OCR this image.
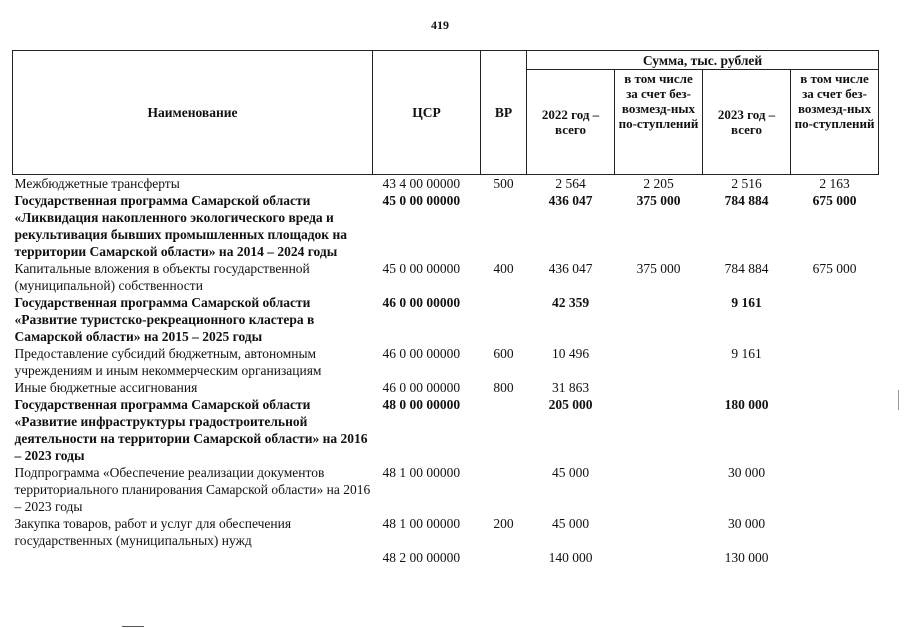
419
Наименование	ЦСР	ВР	Сумма, тыс. рублей			
			2022 год – всего	в том числе за счет без-возмезд-ных по-ступлений	2023 год – всего	в том числе за счет без-возмезд-ных по-ступлений
Межбюджетные трансферты	43 4 00 00000	500	2 564	2 205	2 516	2 163
Государственная программа Самарской области «Ликвидация накопленного экологического вреда и рекультивация бывших промышленных площадок на территории Самарской области» на 2014 – 2024 годы	45 0 00 00000		436 047	375 000	784 884	675 000
Капитальные вложения в объекты государственной (муниципальной) собственности	45 0 00 00000	400	436 047	375 000	784 884	675 000
Государственная программа Самарской области «Развитие туристско-рекреационного кластера в Самарской области» на 2015 – 2025 годы	46 0 00 00000		42 359		9 161	
Предоставление субсидий бюджетным, автономным учреждениям и иным некоммерческим организациям	46 0 00 00000	600	10 496		9 161	
Иные бюджетные ассигнования	46 0 00 00000	800	31 863			
Государственная программа Самарской области «Развитие инфраструктуры градостроительной деятельности на территории Самарской области» на 2016 – 2023 годы	48 0 00 00000		205 000		180 000	
Подпрограмма «Обеспечение реализации документов территориального планирования Самарской области» на 2016 – 2023 годы	48 1 00 00000		45 000		30 000	
Закупка товаров, работ и услуг для обеспечения государственных (муниципальных) нужд	48 1 00 00000	200	45 000		30 000	
	48 2 00 00000		140 000		130 000	
